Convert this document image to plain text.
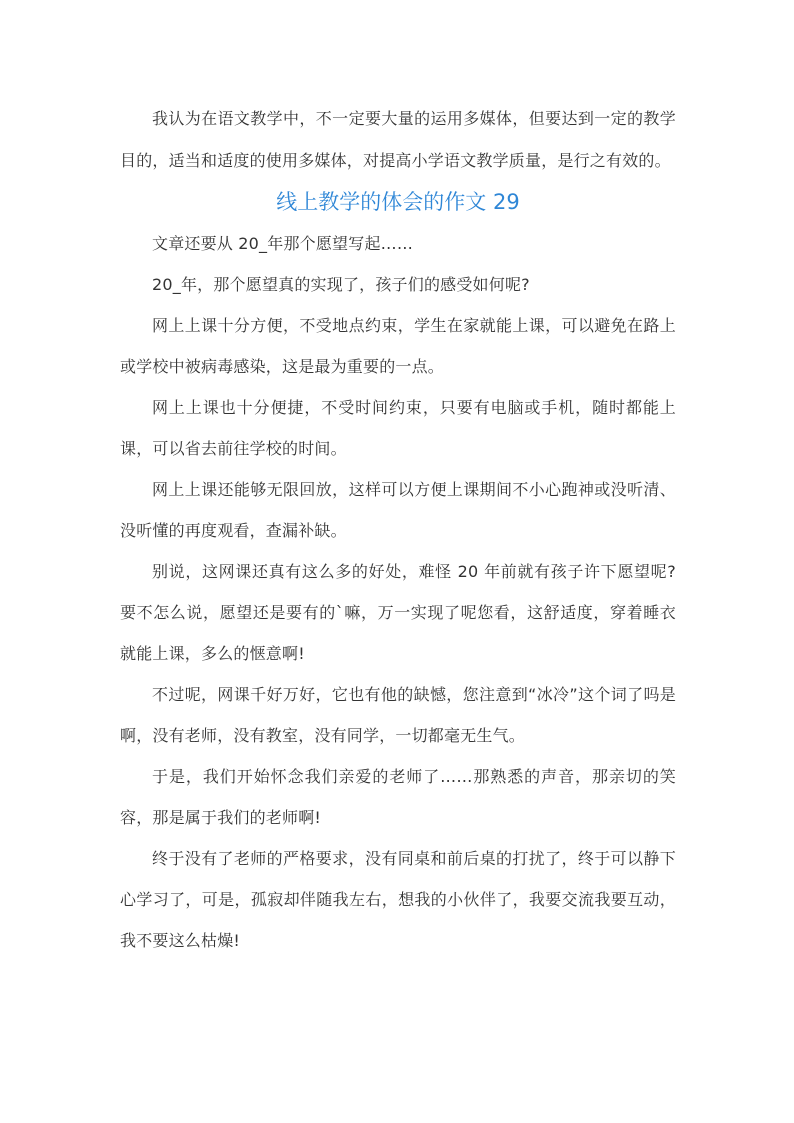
我认为在语文教学中，不一定要大量的运用多媒体，但要达到一定的教学目的，适当和适度的使用多媒体，对提高小学语文教学质量，是行之有效的。

线上教学的体会的作文 29

文章还要从 20_年那个愿望写起……

20_年，那个愿望真的实现了，孩子们的感受如何呢?

网上上课十分方便，不受地点约束，学生在家就能上课，可以避免在路上或学校中被病毒感染，这是最为重要的一点。

网上上课也十分便捷，不受时间约束，只要有电脑或手机，随时都能上课，可以省去前往学校的时间。

网上上课还能够无限回放，这样可以方便上课期间不小心跑神或没听清、没听懂的再度观看，查漏补缺。

别说，这网课还真有这么多的好处，难怪 20 年前就有孩子许下愿望呢?要不怎么说，愿望还是要有的`嘛，万一实现了呢您看，这舒适度，穿着睡衣就能上课，多么的惬意啊!

不过呢，网课千好万好，它也有他的缺憾，您注意到“冰冷”这个词了吗是啊，没有老师，没有教室，没有同学，一切都毫无生气。

于是，我们开始怀念我们亲爱的老师了……那熟悉的声音，那亲切的笑容，那是属于我们的老师啊!

终于没有了老师的严格要求，没有同桌和前后桌的打扰了，终于可以静下心学习了，可是，孤寂却伴随我左右，想我的小伙伴了，我要交流我要互动，我不要这么枯燥!
